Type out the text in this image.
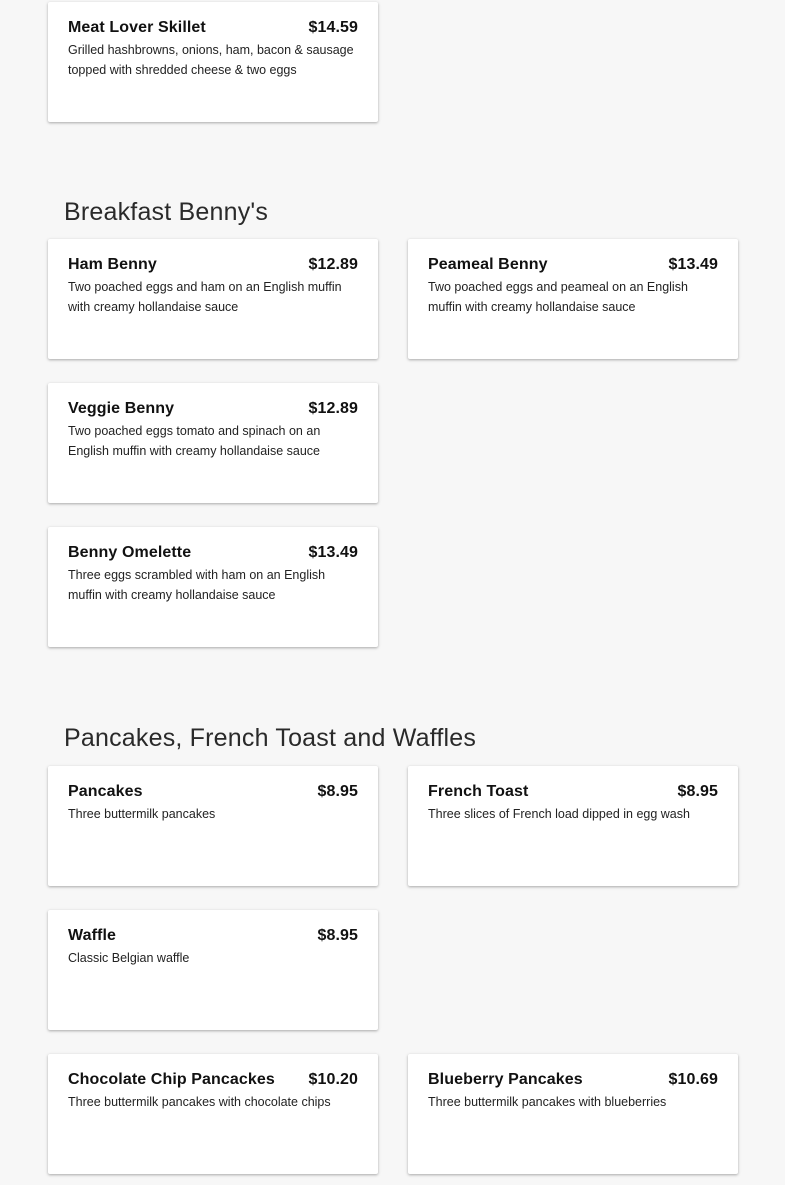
Meat Lover Skillet	$14.59
Grilled hashbrowns, onions, ham, bacon & sausage topped with shredded cheese & two eggs
Breakfast Benny's
Ham Benny	$12.89
Two poached eggs and ham on an English muffin with creamy hollandaise sauce
Peameal Benny	$13.49
Two poached eggs and peameal on an English muffin with creamy hollandaise sauce
Veggie Benny	$12.89
Two poached eggs tomato and spinach on an English muffin with creamy hollandaise sauce
Benny Omelette	$13.49
Three eggs scrambled with ham on an English muffin with creamy hollandaise sauce
Pancakes, French Toast and Waffles
Pancakes	$8.95
Three buttermilk pancakes
French Toast	$8.95
Three slices of French load dipped in egg wash
Waffle	$8.95
Classic Belgian waffle
Chocolate Chip Pancackes $10.20
Three buttermilk pancakes with chocolate chips
Blueberry Pancakes	$10.69
Three buttermilk pancakes with blueberries
